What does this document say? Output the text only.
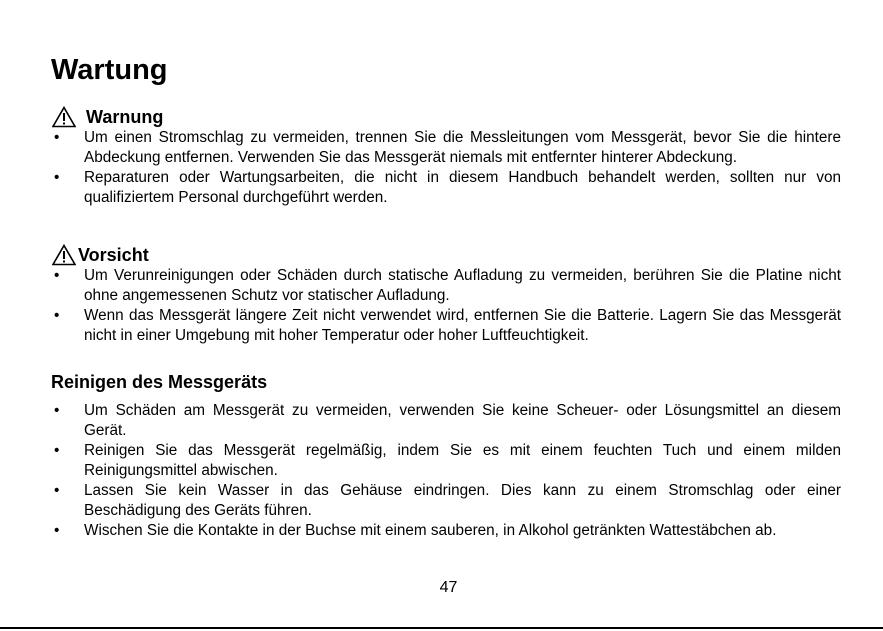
Wartung
Warnung
• Um einen Stromschlag zu vermeiden, trennen Sie die Messleitungen vom Messgerät, bevor Sie die hintere Abdeckung entfernen. Verwenden Sie das Messgerät niemals mit entfernter hinterer Abdeckung.
• Reparaturen oder Wartungsarbeiten, die nicht in diesem Handbuch behandelt werden, sollten nur von qualifiziertem Personal durchgeführt werden.
Vorsicht
• Um Verunreinigungen oder Schäden durch statische Aufladung zu vermeiden, berühren Sie die Platine nicht ohne angemessenen Schutz vor statischer Aufladung.
• Wenn das Messgerät längere Zeit nicht verwendet wird, entfernen Sie die Batterie. Lagern Sie das Messgerät nicht in einer Umgebung mit hoher Temperatur oder hoher Luftfeuchtigkeit.
Reinigen des Messgeräts
• Um Schäden am Messgerät zu vermeiden, verwenden Sie keine Scheuer- oder Lösungsmittel an diesem Gerät.
• Reinigen Sie das Messgerät regelmäßig, indem Sie es mit einem feuchten Tuch und einem milden Reinigungsmittel abwischen.
• Lassen Sie kein Wasser in das Gehäuse eindringen. Dies kann zu einem Stromschlag oder einer Beschädigung des Geräts führen.
• Wischen Sie die Kontakte in der Buchse mit einem sauberen, in Alkohol getränkten Wattestäbchen ab.
47
